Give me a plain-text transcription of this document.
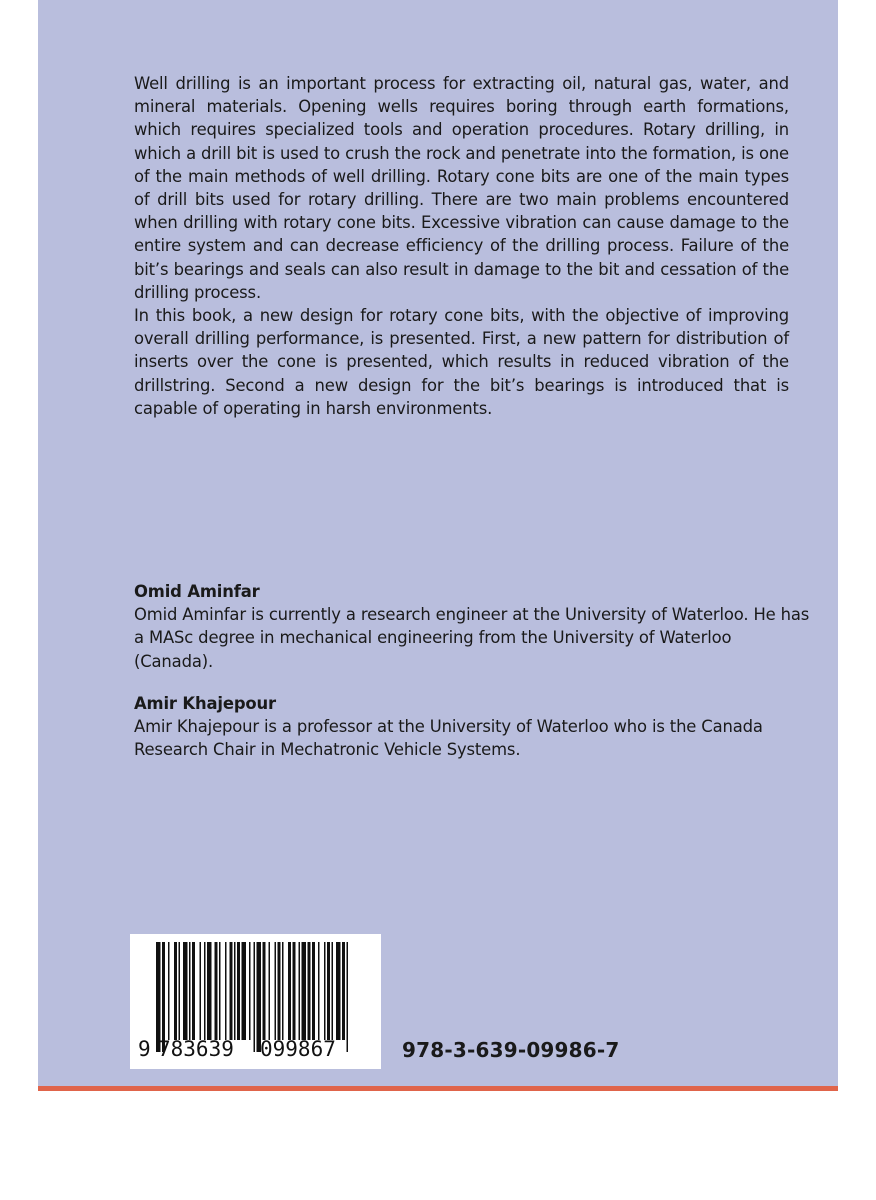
Well drilling is an important process for extracting oil, natural gas, water, and mineral materials. Opening wells requires boring through earth formations, which requires specialized tools and operation procedures. Rotary drilling, in which a drill bit is used to crush the rock and penetrate into the formation, is one of the main methods of well drilling. Rotary cone bits are one of the main types of drill bits used for rotary drilling. There are two main problems encountered when drilling with rotary cone bits. Excessive vibration can cause damage to the entire system and can decrease efficiency of the drilling process. Failure of the bit’s bearings and seals can also result in damage to the bit and cessation of the drilling process.

In this book, a new design for rotary cone bits, with the objective of improving overall drilling performance, is presented. First, a new pattern for distribution of inserts over the cone is presented, which results in reduced vibration of the drillstring. Second a new design for the bit’s bearings is introduced that is capable of operating in harsh environments.

Omid Aminfar
Omid Aminfar is currently a research engineer at the University of Waterloo. He has a MASc degree in mechanical engineering from the University of Waterloo (Canada).
Amir Khajepour
Amir Khajepour is a professor at the University of Waterloo who is the Canada Research Chair in Mechatronic Vehicle Systems.
9 783639 099867	978-3-639-09986-7
